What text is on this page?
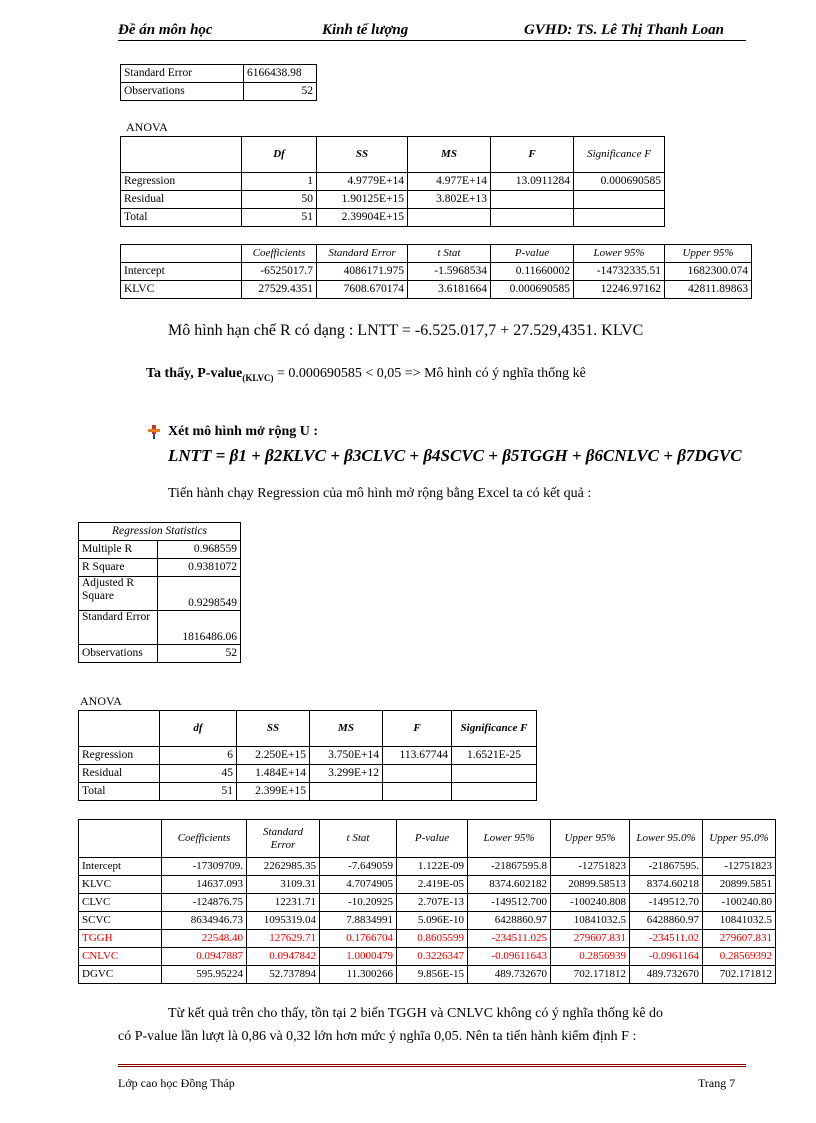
Đề án môn học	Kinh tế lượng	GVHD: TS. Lê Thị Thanh Loan
Standard Error	6166438.98
Observations	52
ANOVA
	Df	SS	MS	F	Significance F
Regression	1	4.9779E+14	4.977E+14	13.0911284	0.000690585
Residual	50	1.90125E+15	3.802E+13		
Total	51	2.39904E+15			
	Coefficients	Standard Error	t Stat	P-value	Lower 95%	Upper 95%
Intercept	-6525017.7	4086171.975	-1.5968534	0.11660002	-14732335.51	1682300.074
KLVC	27529.4351	7608.670174	3.6181664	0.000690585	12246.97162	42811.89863
Mô hình hạn chế R có dạng : LNTT = -6.525.017,7 + 27.529,4351. KLVC
Ta thấy, P-value$_{(KLVC)}$ = 0.000690585 < 0,05 => Mô hình có ý nghĩa thống kê
Xét mô hình mở rộng U :
LNTT = β1 + β2KLVC + β3CLVC + β4SCVC + β5TGGH + β6CNLVC + β7DGVC
Tiến hành chạy Regression của mô hình mở rộng bằng Excel ta có kết quả :
Regression Statistics	
Multiple R	0.968559
R Square	0.9381072
Adjusted R Square	0.9298549
Standard Error	1816486.06
Observations	52
ANOVA
	df	SS	MS	F	Significance F
Regression	6	2.250E+15	3.750E+14	113.67744	1.6521E-25
Residual	45	1.484E+14	3.299E+12		
Total	51	2.399E+15			
	Coefficients	Standard Error	t Stat	P-value	Lower 95%	Upper 95%	Lower 95.0%	Upper 95.0%
Intercept	-17309709.	2262985.35	-7.649059	1.122E-09	-21867595.8	-12751823	-21867595.	-12751823
KLVC	14637.093	3109.31	4.7074905	2.419E-05	8374.602182	20899.58513	8374.60218	20899.5851
CLVC	-124876.75	12231.71	-10.20925	2.707E-13	-149512.700	-100240.808	-149512.70	-100240.80
SCVC	8634946.73	1095319.04	7.8834991	5.096E-10	6428860.97	10841032.5	6428860.97	10841032.5
TGGH	22548.40	127629.71	0.1766704	0.8605599	-234511.025	279607.831	-234511.02	279607.831
CNLVC	0.0947887	0.0947842	1.0000479	0.3226347	-0.09611643	0.2856939	-0.0961164	0.28569392
DGVC	595.95224	52.737894	11.300266	9.856E-15	489.732670	702.171812	489.732670	702.171812
Từ kết quả trên cho thấy, tồn tại 2 biến TGGH và CNLVC không có ý nghĩa thống kê do
có P-value lần lượt là 0,86 và 0,32 lớn hơn mức ý nghĩa 0,05. Nên ta tiến hành kiểm định F :
Lớp cao học Đồng Tháp	Trang 7
